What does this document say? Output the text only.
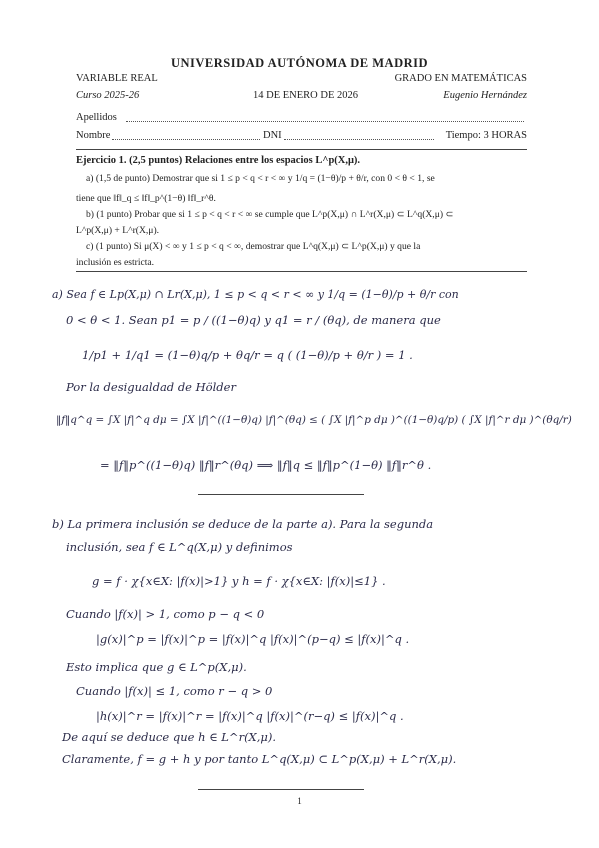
UNIVERSIDAD AUTÓNOMA DE MADRID
VARIABLE REAL	GRADO EN MATEMÁTICAS
Curso 2025-26	14 DE ENERO DE 2026	Eugenio Hernández
Apellidos
Nombre	DNI	Tiempo: 3 HORAS
Ejercicio 1. (2,5 puntos) Relaciones entre los espacios L^p(X,μ).
a) (1,5 de punto) Demostrar que si 1 ≤ p < q < r < ∞ y 1/q = (1−θ)/p + θ/r, con 0 < θ < 1, se
tiene que ‖f‖_q ≤ ‖f‖_p^(1−θ) ‖f‖_r^θ.
b) (1 punto) Probar que si 1 ≤ p < q < r < ∞ se cumple que L^p(X,μ) ∩ L^r(X,μ) ⊂ L^q(X,μ) ⊂
L^p(X,μ) + L^r(X,μ).
c) (1 punto) Si μ(X) < ∞ y 1 ≤ p < q < ∞, demostrar que L^q(X,μ) ⊂ L^p(X,μ) y que la
inclusión es estricta.
a) Sea f ∈ Lp(X,μ) ∩ Lr(X,μ), 1 ≤ p < q < r < ∞ y 1/q = (1−θ)/p + θ/r con
0 < θ < 1. Sean p1 = p / ((1−θ)q) y q1 = r / (θq), de manera que
1/p1 + 1/q1 = (1−θ)q/p + θq/r = q ( (1−θ)/p + θ/r ) = 1 .
Por la desigualdad de Hölder
‖f‖q^q = ∫X |f|^q dμ = ∫X |f|^((1−θ)q) |f|^(θq) ≤ ( ∫X |f|^p dμ )^((1−θ)q/p) ( ∫X |f|^r dμ )^(θq/r)
= ‖f‖p^((1−θ)q) ‖f‖r^(θq) ⟹ ‖f‖q ≤ ‖f‖p^(1−θ) ‖f‖r^θ .
b) La primera inclusión se deduce de la parte a). Para la segunda
inclusión, sea f ∈ L^q(X,μ) y definimos
g = f · χ{x∈X: |f(x)|>1} y h = f · χ{x∈X: |f(x)|≤1} .
Cuando |f(x)| > 1, como p − q < 0
|g(x)|^p = |f(x)|^p = |f(x)|^q |f(x)|^(p−q) ≤ |f(x)|^q .
Esto implica que g ∈ L^p(X,μ).
Cuando |f(x)| ≤ 1, como r − q > 0
|h(x)|^r = |f(x)|^r = |f(x)|^q |f(x)|^(r−q) ≤ |f(x)|^q .
De aquí se deduce que h ∈ L^r(X,μ).
Claramente, f = g + h y por tanto L^q(X,μ) ⊂ L^p(X,μ) + L^r(X,μ).
1
